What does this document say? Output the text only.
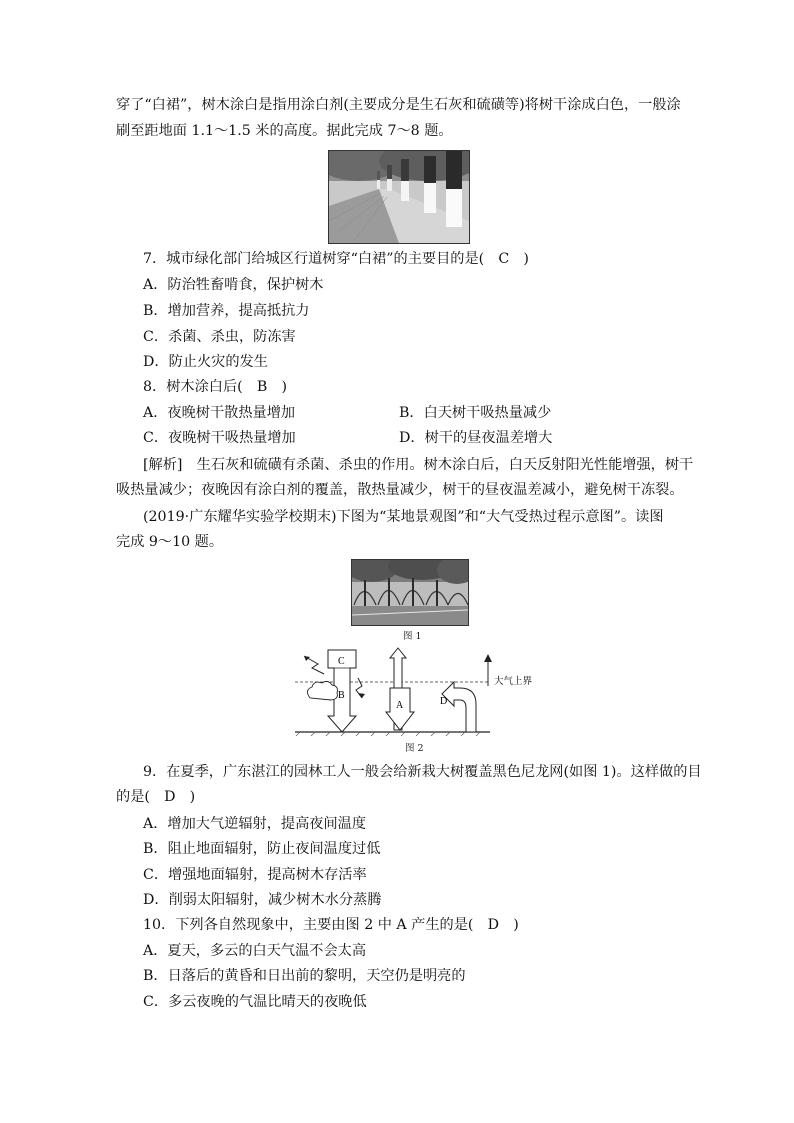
穿了“白裙”，树木涂白是指用涂白剂(主要成分是生石灰和硫磺等)将树干涂成白色，一般涂
刷至距地面 1.1～1.5 米的高度。据此完成 7～8 题。
7．城市绿化部门给城区行道树穿“白裙”的主要目的是(　C　)
A．防治牲畜啃食，保护树木
B．增加营养，提高抵抗力
C．杀菌、杀虫，防冻害
D．防止火灾的发生
8．树木涂白后(　B　)
A．夜晚树干散热量增加	B．白天树干吸热量减少
C．夜晚树干吸热量增加	D．树干的昼夜温差增大
[解析]　生石灰和硫磺有杀菌、杀虫的作用。树木涂白后，白天反射阳光性能增强，树干
吸热量减少；夜晚因有涂白剂的覆盖，散热量减少，树干的昼夜温差减小，避免树干冻裂。
(2019·广东耀华实验学校期末)下图为“某地景观图”和“大气受热过程示意图”。读图
完成 9～10 题。
图 1
C
B
A	D
大气上界
图 2
9．在夏季，广东湛江的园林工人一般会给新栽大树覆盖黑色尼龙网(如图 1)。这样做的目
的是(　D　)
A．增加大气逆辐射，提高夜间温度
B．阻止地面辐射，防止夜间温度过低
C．增强地面辐射，提高树木存活率
D．削弱太阳辐射，减少树木水分蒸腾
10．下列各自然现象中，主要由图 2 中 A 产生的是(　D　)
A．夏天，多云的白天气温不会太高
B．日落后的黄昏和日出前的黎明，天空仍是明亮的
C．多云夜晚的气温比晴天的夜晚低
